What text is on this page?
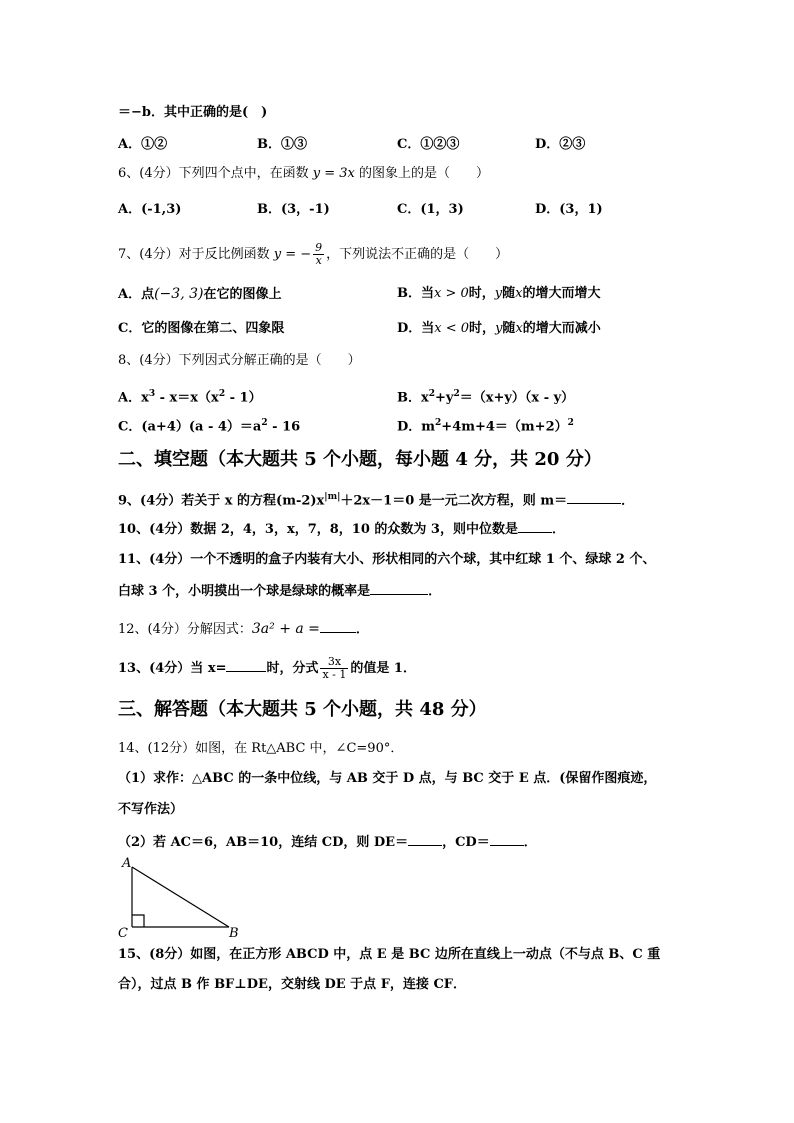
＝−b．其中正确的是(　)
A．①②	B．①③	C．①②③	D．②③
6、(4分）下列四个点中，在函数 y = 3x 的图象上的是（　　）
A．(-1,3)	B．(3，-1)	C．(1，3)	D．(3，1)
7、(4分）对于反比例函数 y = − $\frac{9}{x}$ ，下列说法不正确的是（　　）
A．点(−3, 3)在它的图像上	B．当x > 0时，y随x的增大而增大
C．它的图像在第二、四象限	D．当x < 0时，y随x的增大而减小
8、(4分）下列因式分解正确的是（　　）
A．$x^3 - x=x(x^2 - 1)$	B．$x^2+y^2=(x+y)(x - y)$
C．$(a+4)(a - 4)=a^2 - 16$	D．$m^2+4m+4=(m+2)^2$
二、填空题（本大题共 5 个小题，每小题 4 分，共 20 分）
9、(4分）若关于 x 的方程$(m-2)x^{|m|}+2x-1=0$ 是一元二次方程，则 m＝	．
10、(4分）数据 2，4，3，x，7，8，10 的众数为 3，则中位数是	．
11、(4分）一个不透明的盒子内装有大小、形状相同的六个球，其中红球 1 个、绿球 2 个、
白球 3 个，小明摸出一个球是绿球的概率是	．
12、(4分）分解因式：3a² + a =	．
13、(4分）当 x=	时，分式 $\frac{3x}{x - 1}$ 的值是 1．
三、解答题（本大题共 5 个小题，共 48 分）
14、(12分）如图，在 Rt△ABC 中，∠C=90°．
（1）求作：△ABC 的一条中位线，与 AB 交于 D 点，与 BC 交于 E 点．(保留作图痕迹，
不写作法）
（2）若 AC＝6，AB＝10，连结 CD，则 DE＝	，CD＝	．
A
C	B
15、(8分）如图，在正方形 ABCD 中，点 E 是 BC 边所在直线上一动点（不与点 B、C 重
合），过点 B 作 BF⊥DE，交射线 DE 于点 F，连接 CF．
